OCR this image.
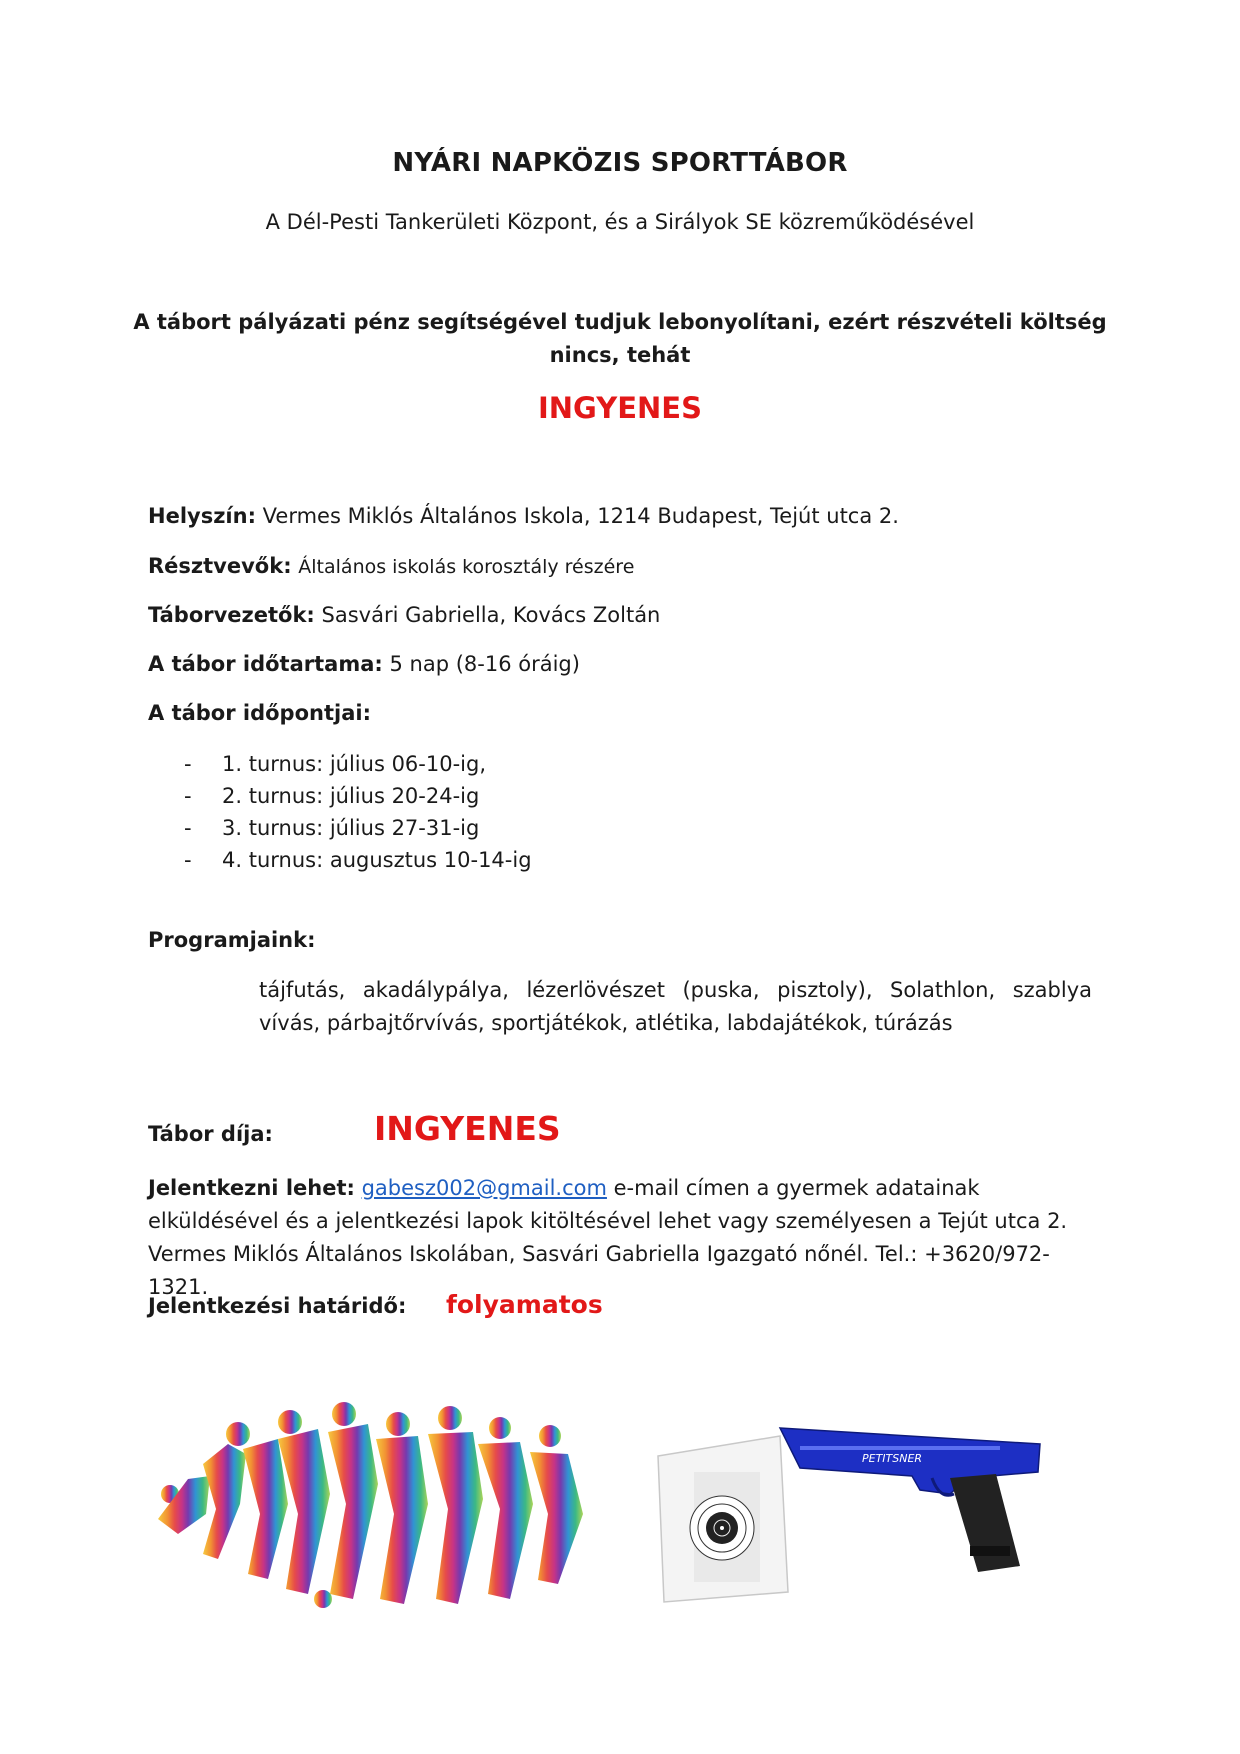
NYÁRI NAPKÖZIS SPORTTÁBOR
A Dél-Pesti Tankerületi Központ, és a Sirályok SE közreműködésével
A tábort pályázati pénz segítségével tudjuk lebonyolítani, ezért részvételi költség nincs, tehát
INGYENES
Helyszín: Vermes Miklós Általános Iskola, 1214 Budapest, Tejút utca 2.
Résztvevők: Általános iskolás korosztály részére
Táborvezetők: Sasvári Gabriella, Kovács Zoltán
A tábor időtartama: 5 nap (8-16 óráig)
A tábor időpontjai:
- 1. turnus: július 06-10-ig,
- 2. turnus: július 20-24-ig
- 3. turnus: július 27-31-ig
- 4. turnus: augusztus 10-14-ig
Programjaink:
tájfutás, akadálypálya, lézerlövészet (puska, pisztoly), Solathlon, szablya vívás, párbajtőrvívás, sportjátékok, atlétika, labdajátékok, túrázás
Tábor díja:	INGYENES
Jelentkezni lehet: gabesz002@gmail.com e-mail címen a gyermek adatainak elküldésével és a jelentkezési lapok kitöltésével lehet vagy személyesen a Tejút utca 2. Vermes Miklós Általános Iskolában, Sasvári Gabriella Igazgató nőnél. Tel.: +3620/972-1321.
Jelentkezési határidő: folyamatos
PETITSNER
